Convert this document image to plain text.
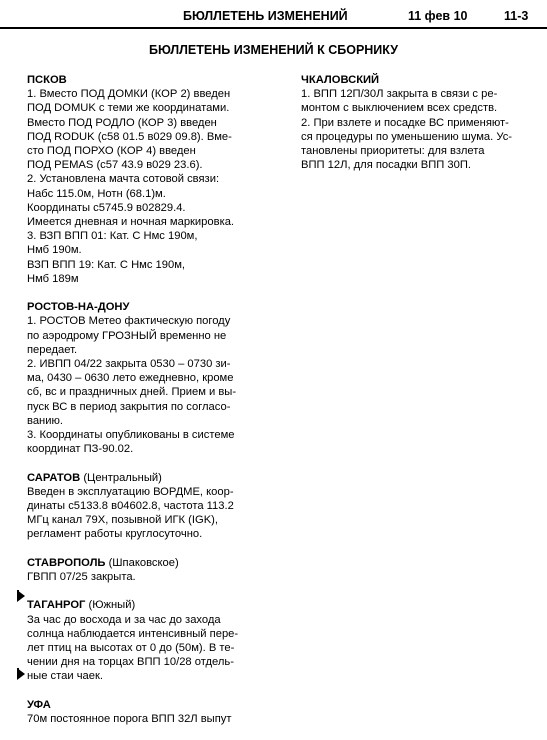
БЮЛЛЕТЕНЬ ИЗМЕНЕНИЙ	11 фев 10	11-3
БЮЛЛЕТЕНЬ ИЗМЕНЕНИЙ К СБОРНИКУ
ПСКОВ
1. Вместо ПОД ДОМКИ (КОР 2) введен
ПОД DOMUK с теми же координатами.
Вместо ПОД РОДЛО (КОР 3) введен
ПОД RODUK (с58 01.5 в029 09.8). Вме-
сто ПОД ПОРХО (КОР 4) введен
ПОД PEMAS (с57 43.9 в029 23.6).
2. Установлена мачта сотовой связи:
Набс 115.0м, Нотн (68.1)м.
Координаты с5745.9 в02829.4.
Имеется дневная и ночная маркировка.
3. ВЗП ВПП 01: Кат. С Нмс 190м,
Нмб 190м.
ВЗП ВПП 19: Кат. С Нмс 190м,
Нмб 189м
РОСТОВ-НА-ДОНУ
1. РОСТОВ Метео фактическую погоду
по аэродрому ГРОЗНЫЙ временно не
передает.
2. ИВПП 04/22 закрыта 0530 – 0730 зи-
ма, 0430 – 0630 лето ежедневно, кроме
сб, вс и праздничных дней. Прием и вы-
пуск ВС в период закрытия по согласо-
ванию.
3. Координаты опубликованы в системе
координат ПЗ-90.02.
САРАТОВ (Центральный)
Введен в эксплуатацию ВОРДМЕ, коор-
динаты с5133.8 в04602.8, частота 113.2
МГц канал 79Х, позывной ИГК (IGK),
регламент работы круглосуточно.
СТАВРОПОЛЬ (Шпаковское)
ГВПП 07/25 закрыта.
ТАГАНРОГ (Южный)
За час до восхода и за час до захода
солнца наблюдается интенсивный пере-
лет птиц на высотах от 0 до (50м). В те-
чении дня на торцах ВПП 10/28 отдель-
ные стаи чаек.
УФА
70м постоянное порога ВПП 32Л выпут
ЧКАЛОВСКИЙ
1. ВПП 12П/30Л закрыта в связи с ре-
монтом с выключением всех средств.
2. При взлете и посадке ВС применяют-
ся процедуры по уменьшению шума. Ус-
тановлены приоритеты: для взлета
ВПП 12Л, для посадки ВПП 30П.
